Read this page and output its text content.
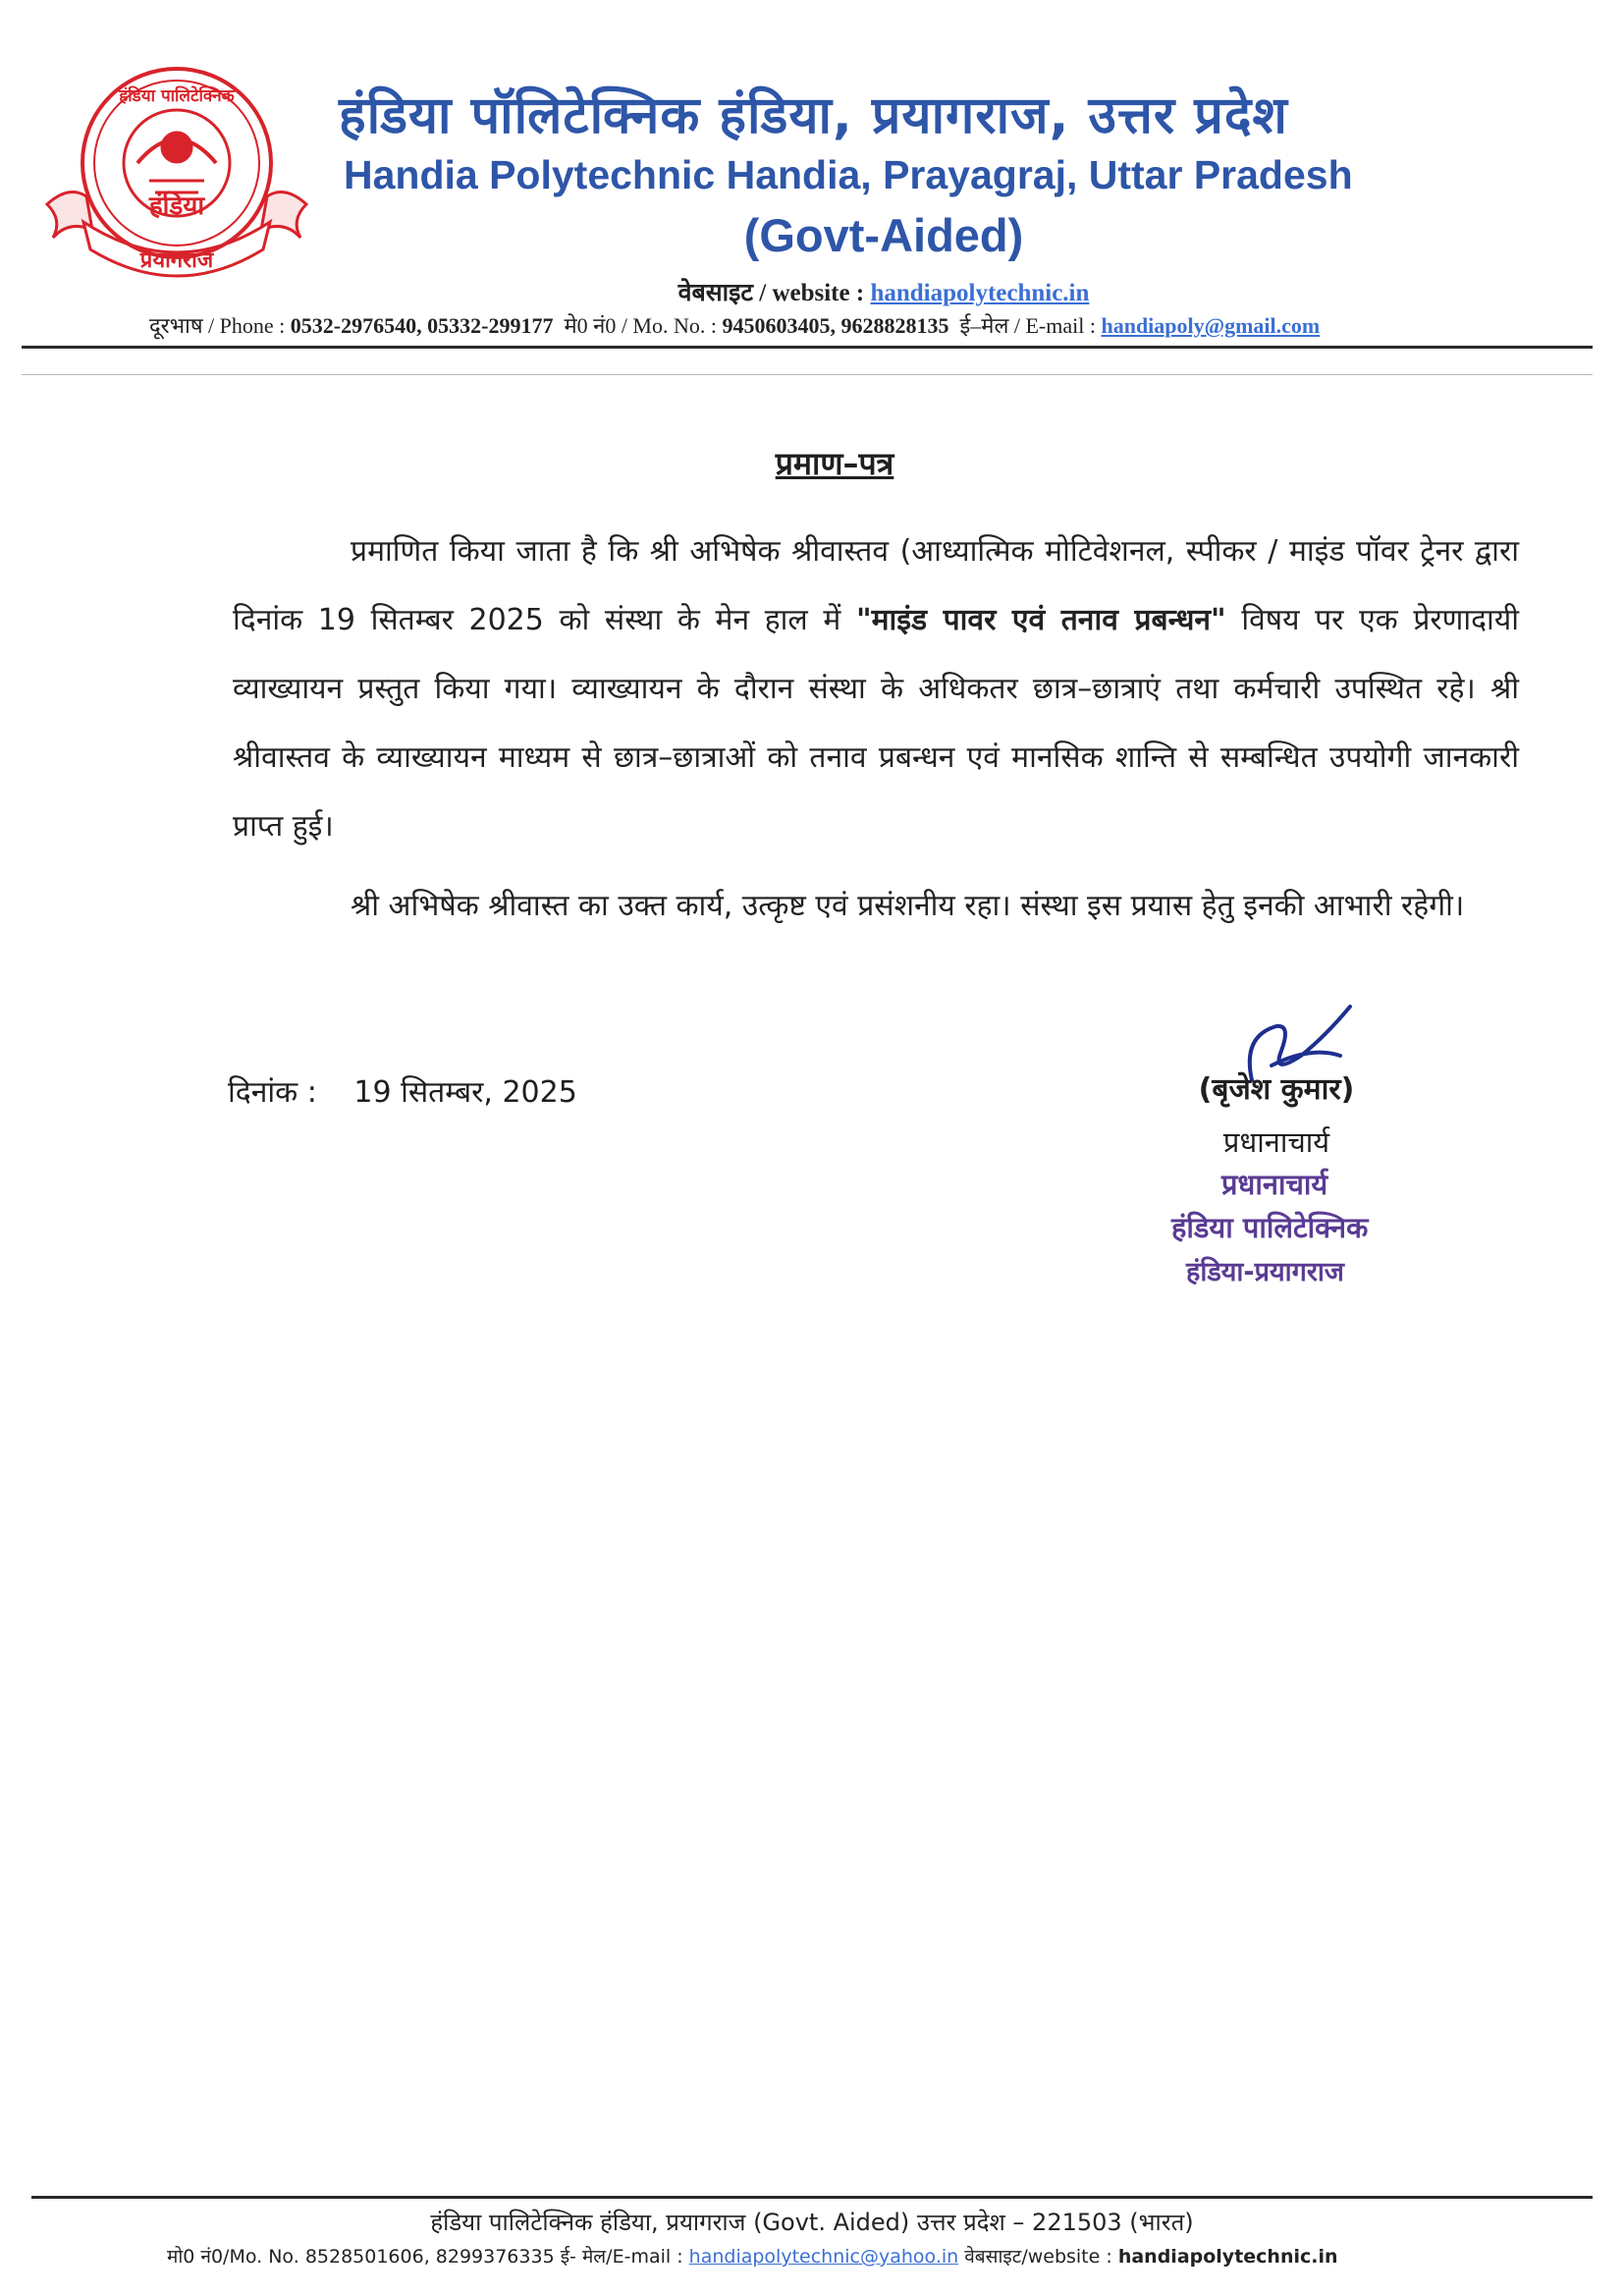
हंडिया पालिटेक्निक
हंडिया
प्रयागराज
हंडिया पॉलिटेक्निक हंडिया, प्रयागराज, उत्तर प्रदेश
Handia Polytechnic Handia, Prayagraj, Uttar Pradesh
(Govt-Aided)
वेबसाइट / website : handiapolytechnic.in
दूरभाष / Phone : 0532-2976540, 05332-299177 मे0 नं0 / Mo. No. : 9450603405, 9628828135 ई–मेल / E-mail : handiapoly@gmail.com
प्रमाण–पत्र
प्रमाणित किया जाता है कि श्री अभिषेक श्रीवास्तव (आध्यात्मिक मोटिवेशनल, स्पीकर / माइंड पॉवर ट्रेनर द्वारा दिनांक 19 सितम्बर 2025 को संस्था के मेन हाल में "माइंड पावर एवं तनाव प्रबन्धन" विषय पर एक प्रेरणादायी व्याख्यायन प्रस्तुत किया गया। व्याख्यायन के दौरान संस्था के अधिकतर छात्र–छात्राएं तथा कर्मचारी उपस्थित रहे। श्री श्रीवास्तव के व्याख्यायन माध्यम से छात्र–छात्राओं को तनाव प्रबन्धन एवं मानसिक शान्ति से सम्बन्धित उपयोगी जानकारी प्राप्त हुई।
श्री अभिषेक श्रीवास्त का उक्त कार्य, उत्कृष्ट एवं प्रसंशनीय रहा। संस्था इस प्रयास हेतु इनकी आभारी रहेगी।
दिनांक : 19 सितम्बर, 2025	(बृजेश कुमार)
प्रधानाचार्य
प्रधानाचार्य
हंडिया पालिटेक्निक
हंडिया-प्रयागराज
हंडिया पालिटेक्निक हंडिया, प्रयागराज (Govt. Aided) उत्तर प्रदेश – 221503 (भारत)
मो0 नं0/Mo. No. 8528501606, 8299376335 ई- मेल/E-mail : handiapolytechnic@yahoo.in वेबसाइट/website : handiapolytechnic.in
